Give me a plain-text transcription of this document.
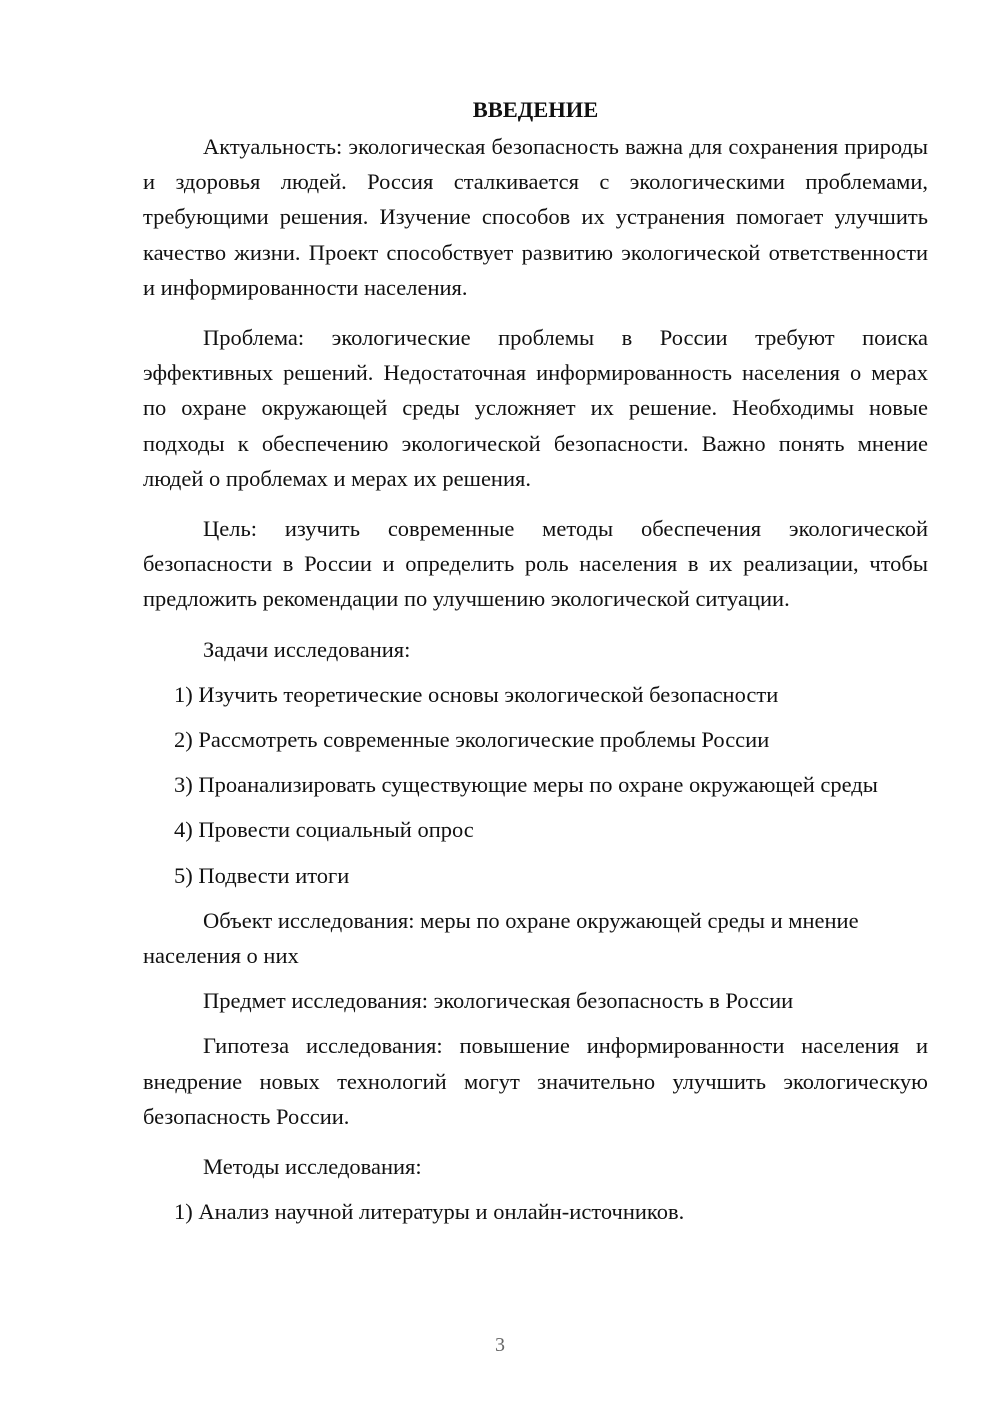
ВВЕДЕНИЕ

Актуальность: экологическая безопасность важна для сохранения природы и здоровья людей. Россия сталкивается с экологическими проблемами, требующими решения. Изучение способов их устранения помогает улучшить качество жизни. Проект способствует развитию экологической ответственности и информированности населения.

Проблема: экологические проблемы в России требуют поиска эффективных решений. Недостаточная информированность населения о мерах по охране окружающей среды усложняет их решение. Необходимы новые подходы к обеспечению экологической безопасности. Важно понять мнение людей о проблемах и мерах их решения.

Цель: изучить современные методы обеспечения экологической безопасности в России и определить роль населения в их реализации, чтобы предложить рекомендации по улучшению экологической ситуации.

Задачи исследования:

1) Изучить теоретические основы экологической безопасности

2) Рассмотреть современные экологические проблемы России

3) Проанализировать существующие меры по охране окружающей среды

4) Провести социальный опрос

5) Подвести итоги

Объект исследования: меры по охране окружающей среды и мнение населения о них

Предмет исследования: экологическая безопасность в России

Гипотеза исследования: повышение информированности населения и внедрение новых технологий могут значительно улучшить экологическую безопасность России.

Методы исследования:

1) Анализ научной литературы и онлайн-источников.

3
